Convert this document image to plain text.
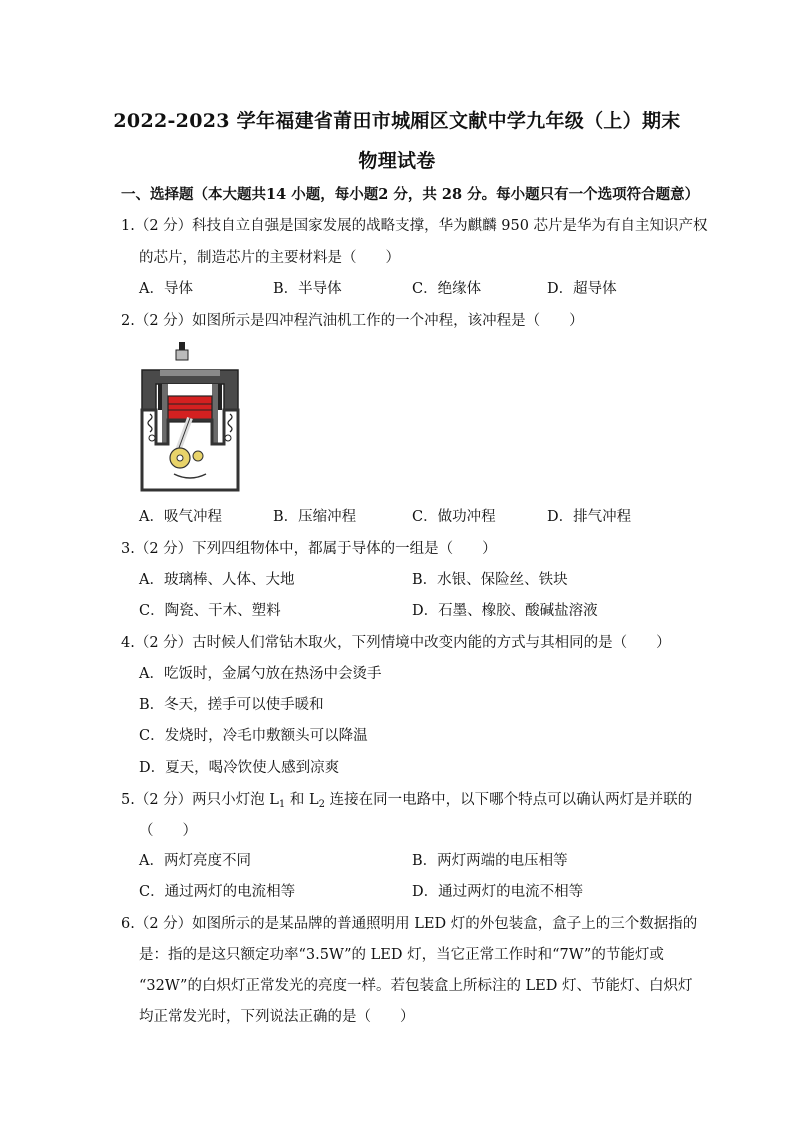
2022-2023 学年福建省莆田市城厢区文献中学九年级（上）期末
物理试卷
一、选择题（本大题共14 小题，每小题2 分，共 28 分。每小题只有一个选项符合题意）
1.（2 分）科技自立自强是国家发展的战略支撑，华为麒麟 950 芯片是华为有自主知识产权
的芯片，制造芯片的主要材料是（　　）
A．导体	B．半导体	C．绝缘体	D．超导体
2.（2 分）如图所示是四冲程汽油机工作的一个冲程，该冲程是（　　）
A．吸气冲程	B．压缩冲程	C．做功冲程	D．排气冲程
3.（2 分）下列四组物体中，都属于导体的一组是（　　）
A．玻璃棒、人体、大地	B．水银、保险丝、铁块
C．陶瓷、干木、塑料	D．石墨、橡胶、酸碱盐溶液
4.（2 分）古时候人们常钻木取火，下列情境中改变内能的方式与其相同的是（　　）
A．吃饭时，金属勺放在热汤中会烫手
B．冬天，搓手可以使手暖和
C．发烧时，冷毛巾敷额头可以降温
D．夏天，喝冷饮使人感到凉爽
5.（2 分）两只小灯泡 $L_1$ 和 $L_2$ 连接在同一电路中，以下哪个特点可以确认两灯是并联的
（　　）
A．两灯亮度不同	B．两灯两端的电压相等
C．通过两灯的电流相等	D．通过两灯的电流不相等
6.（2 分）如图所示的是某品牌的普通照明用 LED 灯的外包装盒，盒子上的三个数据指的
是：指的是这只额定功率“3.5W”的 LED 灯，当它正常工作时和“7W”的节能灯或
“32W”的白炽灯正常发光的亮度一样。若包装盒上所标注的 LED 灯、节能灯、白炽灯
均正常发光时，下列说法正确的是（　　）
